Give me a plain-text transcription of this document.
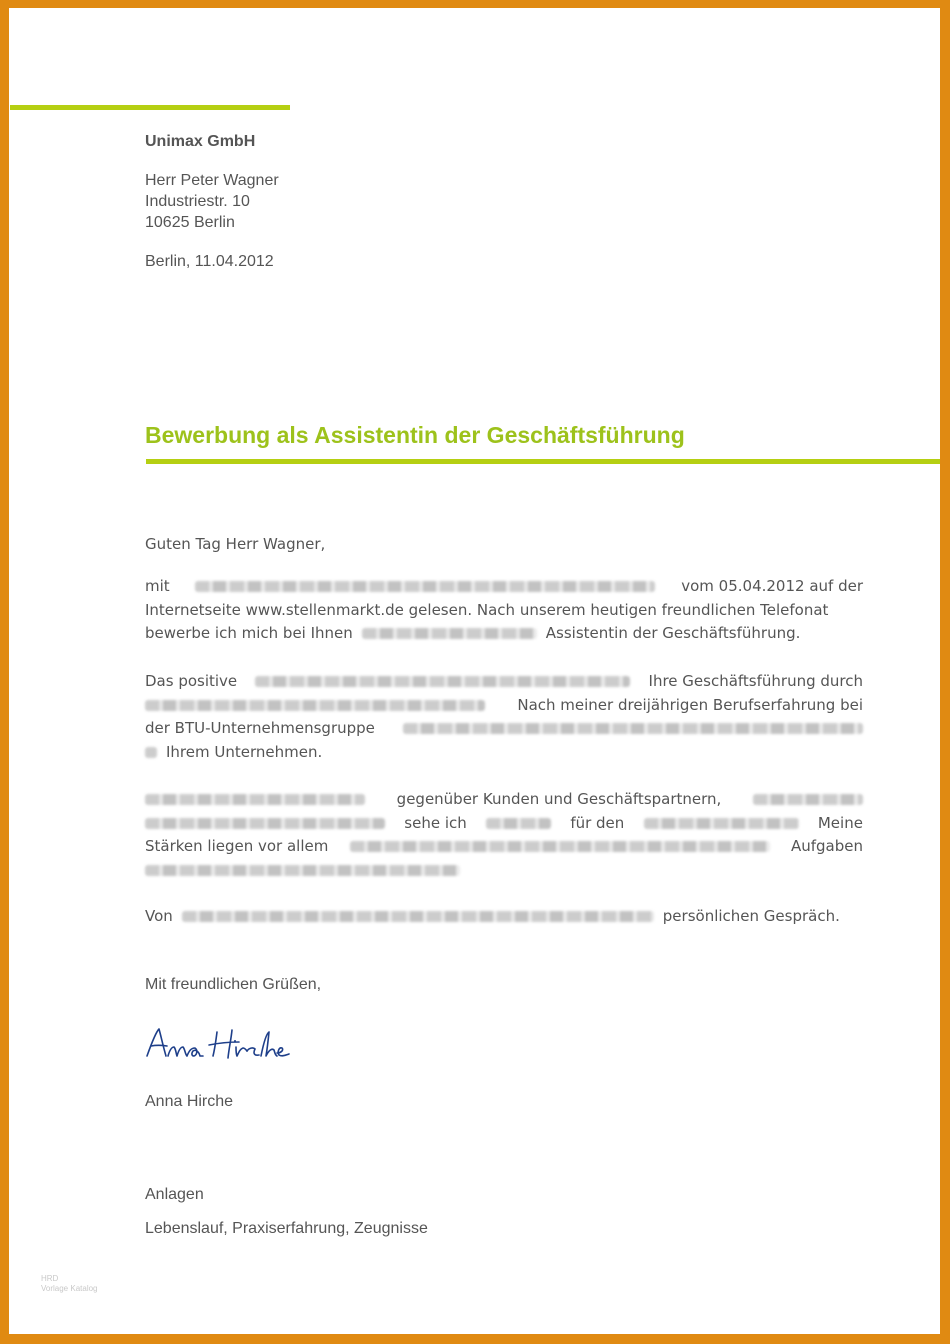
Unimax GmbH
Herr Peter Wagner
Industriestr. 10
10625 Berlin
Berlin, 11.04.2012
Bewerbung als Assistentin der Geschäftsführung
Guten Tag Herr Wagner,
mit	vom 05.04.2012 auf der
Internetseite www.stellenmarkt.de gelesen. Nach unserem heutigen freundlichen Telefonat
bewerbe ich mich bei Ihnen	Assistentin der Geschäftsführung.
Das positive	Ihre Geschäftsführung durch
Nach meiner dreijährigen Berufserfahrung bei
der BTU-Unternehmensgruppe
Ihrem Unternehmen.
gegenüber Kunden und Geschäftspartnern,
sehe ich	für den	Meine
Stärken liegen vor allem	Aufgaben
Von	persönlichen Gespräch.
Mit freundlichen Grüßen,
Anna Hirche
Anlagen
Lebenslauf, Praxiserfahrung, Zeugnisse
HRD
Vorlage Katalog
